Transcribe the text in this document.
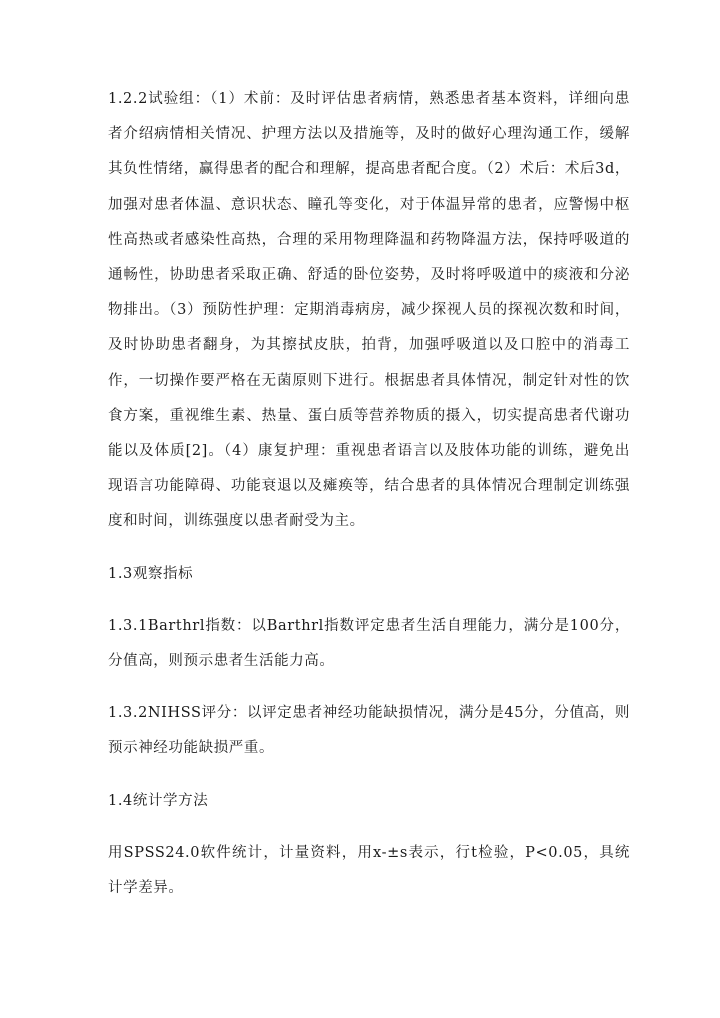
1.2.2试验组：（1）术前：及时评估患者病情，熟悉患者基本资料，详细向患者介绍病情相关情况、护理方法以及措施等，及时的做好心理沟通工作，缓解其负性情绪，赢得患者的配合和理解，提高患者配合度。（2）术后：术后3d，加强对患者体温、意识状态、瞳孔等变化，对于体温异常的患者，应警惕中枢性高热或者感染性高热，合理的采用物理降温和药物降温方法，保持呼吸道的通畅性，协助患者采取正确、舒适的卧位姿势，及时将呼吸道中的痰液和分泌物排出。（3）预防性护理：定期消毒病房，减少探视人员的探视次数和时间，及时协助患者翻身，为其擦拭皮肤，拍背，加强呼吸道以及口腔中的消毒工作，一切操作要严格在无菌原则下进行。根据患者具体情况，制定针对性的饮食方案，重视维生素、热量、蛋白质等营养物质的摄入，切实提高患者代谢功能以及体质[2]。（4）康复护理：重视患者语言以及肢体功能的训练，避免出现语言功能障碍、功能衰退以及瘫痪等，结合患者的具体情况合理制定训练强度和时间，训练强度以患者耐受为主。

1.3观察指标

1.3.1Barthrl指数：以Barthrl指数评定患者生活自理能力，满分是100分，分值高，则预示患者生活能力高。

1.3.2NIHSS评分：以评定患者神经功能缺损情况，满分是45分，分值高，则预示神经功能缺损严重。

1.4统计学方法

用SPSS24.0软件统计，计量资料，用x-±s表示，行t检验，P<0.05，具统计学差异。
